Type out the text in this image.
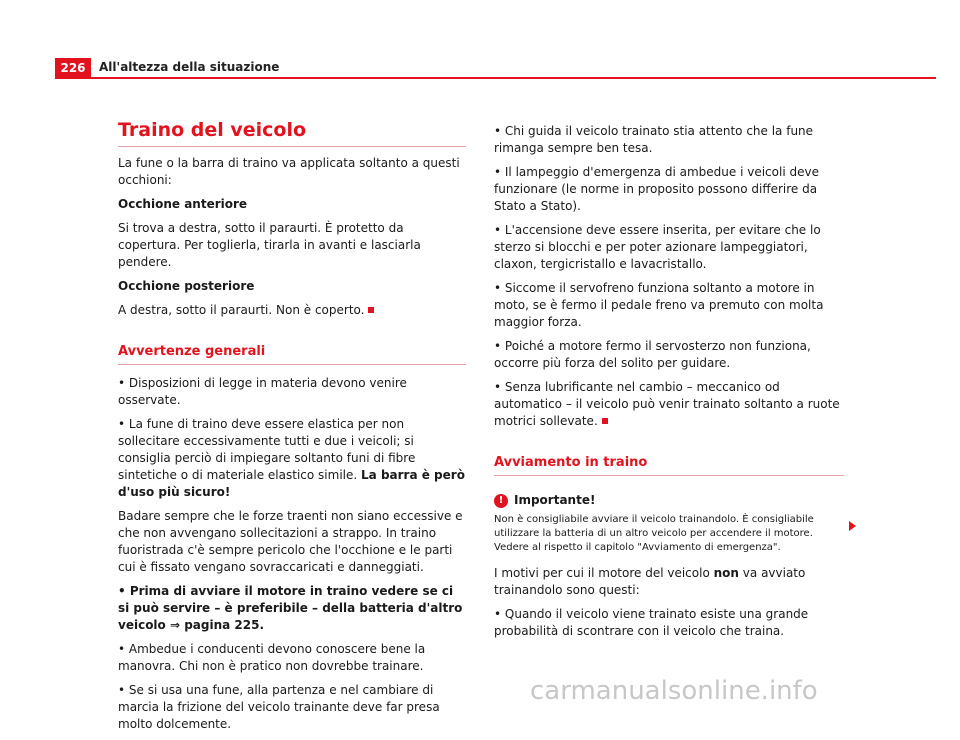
226	All'altezza della situazione
Traino del veicolo

La fune o la barra di traino va applicata soltanto a questi occhioni:

Occhione anteriore

Si trova a destra, sotto il paraurti. È protetto da copertura. Per toglierla, tirarla in avanti e lasciarla pendere.

Occhione posteriore

A destra, sotto il paraurti. Non è coperto.

Avvertenze generali

• Disposizioni di legge in materia devono venire osservate.

• La fune di traino deve essere elastica per non sollecitare eccessivamente tutti e due i veicoli; si consiglia perciò di impiegare soltanto funi di fibre sintetiche o di materiale elastico simile. La barra è però d'uso più sicuro!

Badare sempre che le forze traenti non siano eccessive e che non avvengano sollecitazioni a strappo. In traino fuoristrada c'è sempre pericolo che l'occhione e le parti cui è fissato vengano sovraccaricati e danneggiati.

• Prima di avviare il motore in traino vedere se ci si può servire – è preferibile – della batteria d'altro veicolo ⇒ pagina 225.

• Ambedue i conducenti devono conoscere bene la manovra. Chi non è pratico non dovrebbe trainare.

• Se si usa una fune, alla partenza e nel cambiare di marcia la frizione del veicolo trainante deve far presa molto dolcemente.

• Chi guida il veicolo trainato stia attento che la fune rimanga sempre ben tesa.

• Il lampeggio d'emergenza di ambedue i veicoli deve funzionare (le norme in proposito possono differire da Stato a Stato).

• L'accensione deve essere inserita, per evitare che lo sterzo si blocchi e per poter azionare lampeggiatori, claxon, tergicristallo e lavacristallo.

• Siccome il servofreno funziona soltanto a motore in moto, se è fermo il pedale freno va premuto con molta maggior forza.

• Poiché a motore fermo il servosterzo non funziona, occorre più forza del solito per guidare.

• Senza lubrificante nel cambio – meccanico od automatico – il veicolo può venir trainato soltanto a ruote motrici sollevate.

Avviamento in traino
! Importante!
Non è consigliabile avviare il veicolo trainandolo. È consigliabile utilizzare la batteria di un altro veicolo per accendere il motore. Vedere al rispetto il capitolo "Avviamento di emergenza".

I motivi per cui il motore del veicolo non va avviato trainandolo sono questi:

• Quando il veicolo viene trainato esiste una grande probabilità di scontrare con il veicolo che traina.

carmanualsonline.info
